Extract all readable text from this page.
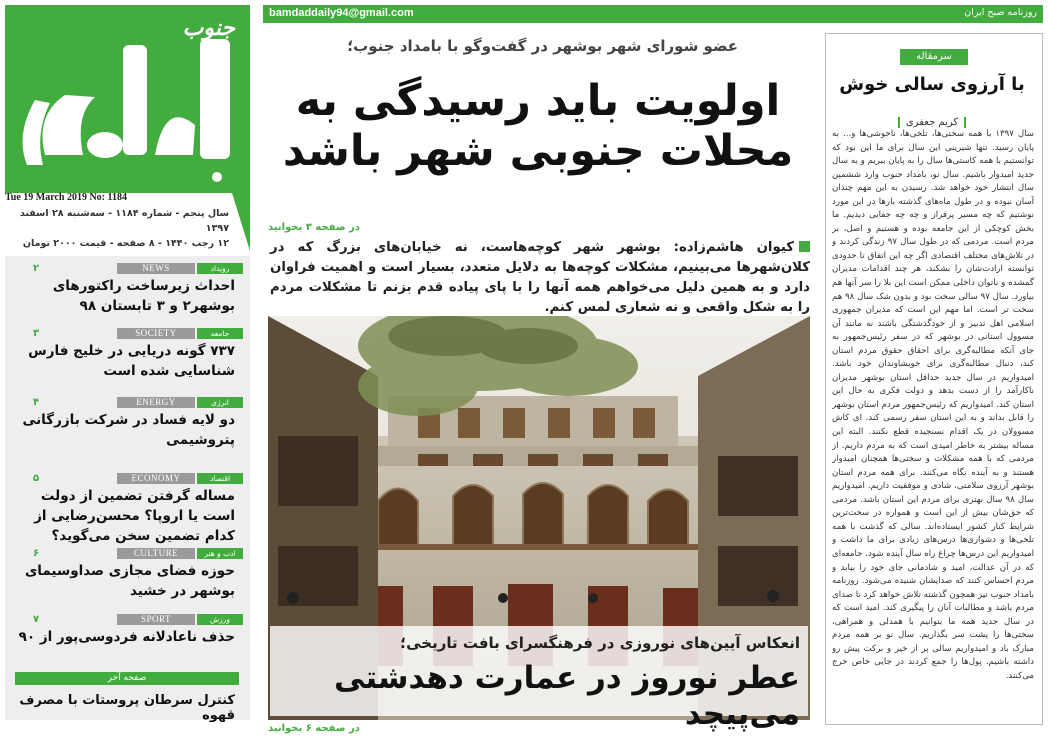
جنوب
Tue 19 March 2019 No: 1184
سال پنجم - شماره ۱۱۸۴ - سه‌شنبه ۲۸ اسفند ۱۳۹۷
۱۲ رجب ۱۴۴۰ - ۸ صفحه - قیمت ۲۰۰۰ تومان
bamdaddaily94@gmail.com	روزنامه صبح ایران
عضو شورای شهر بوشهر در گفت‌وگو با بامداد جنوب؛
اولویت باید رسیدگی به محلات جنوبی شهر باشد
در صفحه ۳ بخوانید
کیوان هاشم‌زاده: بوشهر شهر کوچه‌هاست، نه خیابان‌های بزرگ که در کلان‌شهرها می‌بینیم، مشکلات کوچه‌ها به دلایل متعدد، بسیار است و اهمیت فراوان دارد و به همین دلیل می‌خواهم همه آنها را با پای پیاده قدم بزنم تا مشکلات مردم را به شکل واقعی و نه شعاری لمس کنم.
انعکاس آیین‌های نوروزی در فرهنگسرای بافت تاریخی؛
عطر نوروز در عمارت دهدشتی می‌پیچد
در صفحه ۶ بخوانید
۲	NEWS	رویداد
احداث زیرساخت راکتورهای بوشهر۲ و ۳ تابستان ۹۸
۳	SOCIETY	جامعه
۷۳۷ گونه دریایی در خلیج فارس شناسایی شده است
۴	ENERGY	انرژی
دو لایه فساد در شرکت بازرگانی پتروشیمی
۵	ECONOMY	اقتصاد
مساله گرفتن تضمین از دولت است یا اروپا؟ محسن‌رضایی از کدام تضمین سخن می‌گوید؟
۶	CULTURE	ادب و هنر
حوزه فضای مجازی صداوسیمای بوشهر در خشید
۷	SPORT	ورزش
حذف ناعادلانه فردوسی‌پور از ۹۰
صفحه آخر
کنترل سرطان پروستات با مصرف قهوه
سرمقاله
با آرزوی سالی خوش
کریم جعفری
سال ۱۳۹۷ با همه سختی‌ها، تلخی‌ها، ناخوشی‌ها و... به پایان رسید. تنها شیرینی این سال برای ما این بود که توانستیم با همه کاستی‌ها سال را به پایان ببریم و به سال جدید امیدوار باشیم. سال نو، بامداد جنوب وارد ششمین سال انتشار خود خواهد شد. رسیدن به این مهم چندان آسان نبوده و در طول ماه‌های گذشته بارها در این مورد نوشتیم که چه مسیر پرفراز و چه چه جفایی دیدیم. ما بخش کوچکی از این جامعه بوده و هستیم و اصل، بر مردم است. مردمی که در طول سال ۹۷ زندگی کردند و در تلاش‌های مختلف اقتصادی اگر چه این اتفاق تا حدودی توانسته ارادت‌شان را بشکند، هر چند اقدامات مدیران گمشده و ناتوان داخلی ممکن است این بلا را سر آنها هم بیاورد. سال ۹۷ سالی سخت بود و بدون شک سال ۹۸ هم سخت تر است. اما مهم این است که مدیران جمهوری اسلامی اهل تدبیر و از خودگذشتگی باشند نه مانند آن مسوول استانی در بوشهر که در سفر رئیس‌جمهور به جای آنکه مطالبه‌گری برای احقاق حقوق مردم استان کند، دنبال مطالبه‌گری برای خویشاوندان خود باشد. امیدواریم در سال جدید حداقل استان بوشهر مدیران ناکارآمد را از دست بدهد و دولت فکری به حال این استان کند. امیدواریم که رئیس‌جمهور مردم استان بوشهر را قابل بداند و به این استان سفر رسمی کند. ای کاش مسوولان در یک اقدام نسنجیده قطع نکنند. البته این مساله بیشتر به خاطر امیدی است که به مردم داریم. از مردمی که با همه مشکلات و سختی‌ها همچنان امیدوار هستند و به آینده نگاه می‌کنند. برای همه مردم استان بوشهر آرزوی سلامتی، شادی و موفقیت داریم. امیدواریم سال ۹۸ سال بهتری برای مردم این استان باشد. مردمی که حق‌شان بیش از این است و همواره در سخت‌ترین شرایط کنار کشور ایستاده‌اند. سالی که گذشت با همه تلخی‌ها و دشواری‌ها درس‌های زیادی برای ما داشت و امیدواریم این درس‌ها چراغ راه سال آینده شود. جامعه‌ای که در آن عدالت، امید و شادمانی جای خود را بیابد و مردم احساس کنند که صدایشان شنیده می‌شود. روزنامه بامداد جنوب نیز همچون گذشته تلاش خواهد کرد تا صدای مردم باشد و مطالبات آنان را پیگیری کند. امید است که در سال جدید همه ما بتوانیم با همدلی و همراهی، سختی‌ها را پشت سر بگذاریم. سال نو بر همه مردم مبارک باد و امیدواریم سالی پر از خیر و برکت پیش رو داشته باشیم. پول‌ها را جمع کردند در جایی خاص خرج می‌کنند.
